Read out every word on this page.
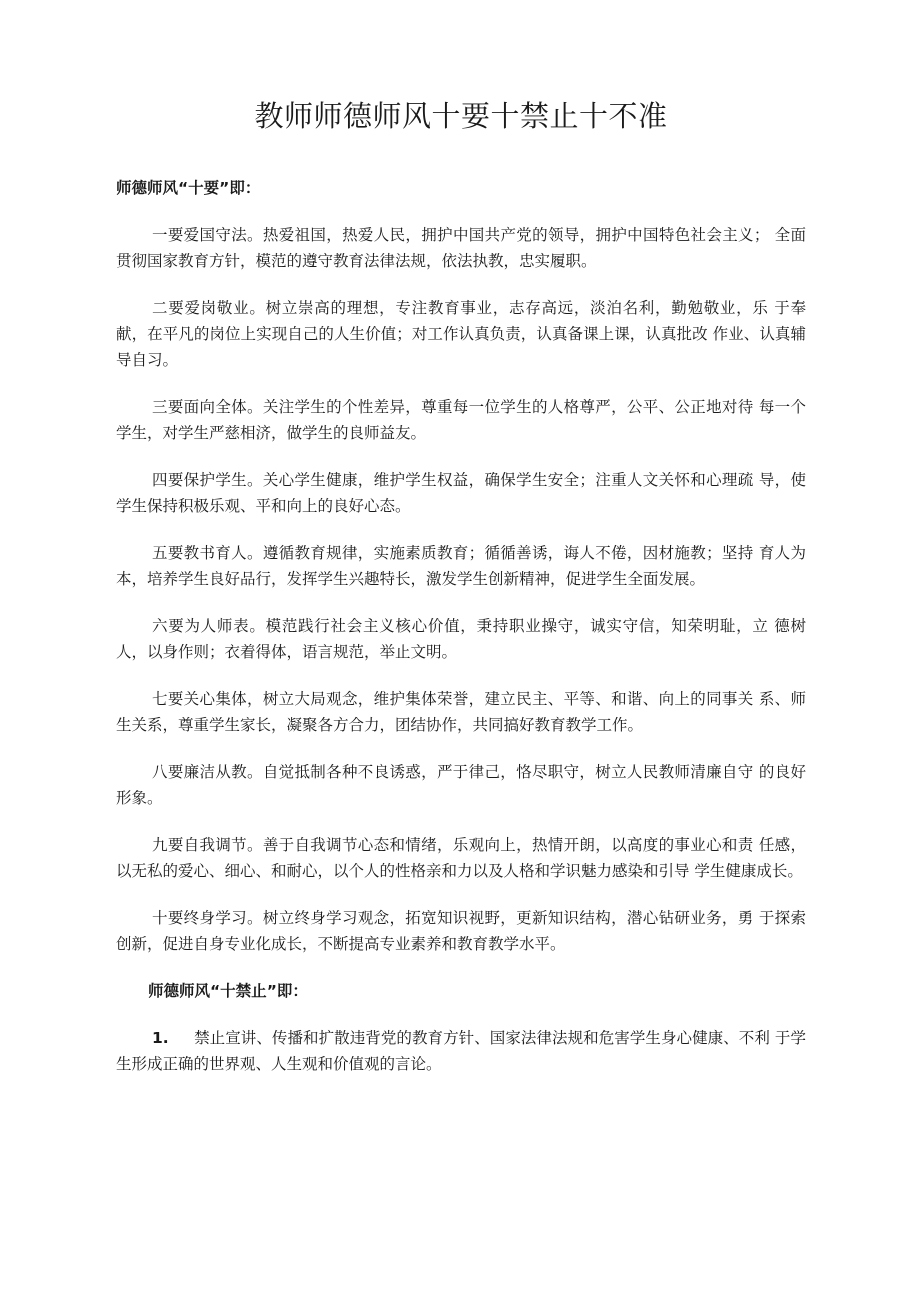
教师师德师风十要十禁止十不准

师德师风“十要”即：

一要爱国守法。热爱祖国，热爱人民，拥护中国共产党的领导，拥护中国特色社会主义； 全面贯彻国家教育方针，模范的遵守教育法律法规，依法执教，忠实履职。

二要爱岗敬业。树立崇高的理想，专注教育事业，志存高远，淡泊名利，勤勉敬业，乐 于奉献，在平凡的岗位上实现自己的人生价值；对工作认真负责，认真备课上课，认真批改 作业、认真辅导自习。

三要面向全体。关注学生的个性差异，尊重每一位学生的人格尊严，公平、公正地对待 每一个学生，对学生严慈相济，做学生的良师益友。

四要保护学生。关心学生健康，维护学生权益，确保学生安全；注重人文关怀和心理疏 导，使学生保持积极乐观、平和向上的良好心态。

五要教书育人。遵循教育规律，实施素质教育；循循善诱，诲人不倦，因材施教；坚持 育人为本，培养学生良好品行，发挥学生兴趣特长，激发学生创新精神，促进学生全面发展。

六要为人师表。模范践行社会主义核心价值，秉持职业操守，诚实守信，知荣明耻，立 德树人，以身作则；衣着得体，语言规范，举止文明。

七要关心集体，树立大局观念，维护集体荣誉，建立民主、平等、和谐、向上的同事关 系、师生关系，尊重学生家长，凝聚各方合力，团结协作，共同搞好教育教学工作。

八要廉洁从教。自觉抵制各种不良诱惑，严于律己，恪尽职守，树立人民教师清廉自守 的良好形象。

九要自我调节。善于自我调节心态和情绪，乐观向上，热情开朗，以高度的事业心和责 任感，以无私的爱心、细心、和耐心，以个人的性格亲和力以及人格和学识魅力感染和引导 学生健康成长。

十要终身学习。树立终身学习观念，拓宽知识视野，更新知识结构，潜心钻研业务，勇 于探索创新，促进自身专业化成长，不断提高专业素养和教育教学水平。

师德师风“十禁止”即：

1. 禁止宣讲、传播和扩散违背党的教育方针、国家法律法规和危害学生身心健康、不利 于学生形成正确的世界观、人生观和价值观的言论。
